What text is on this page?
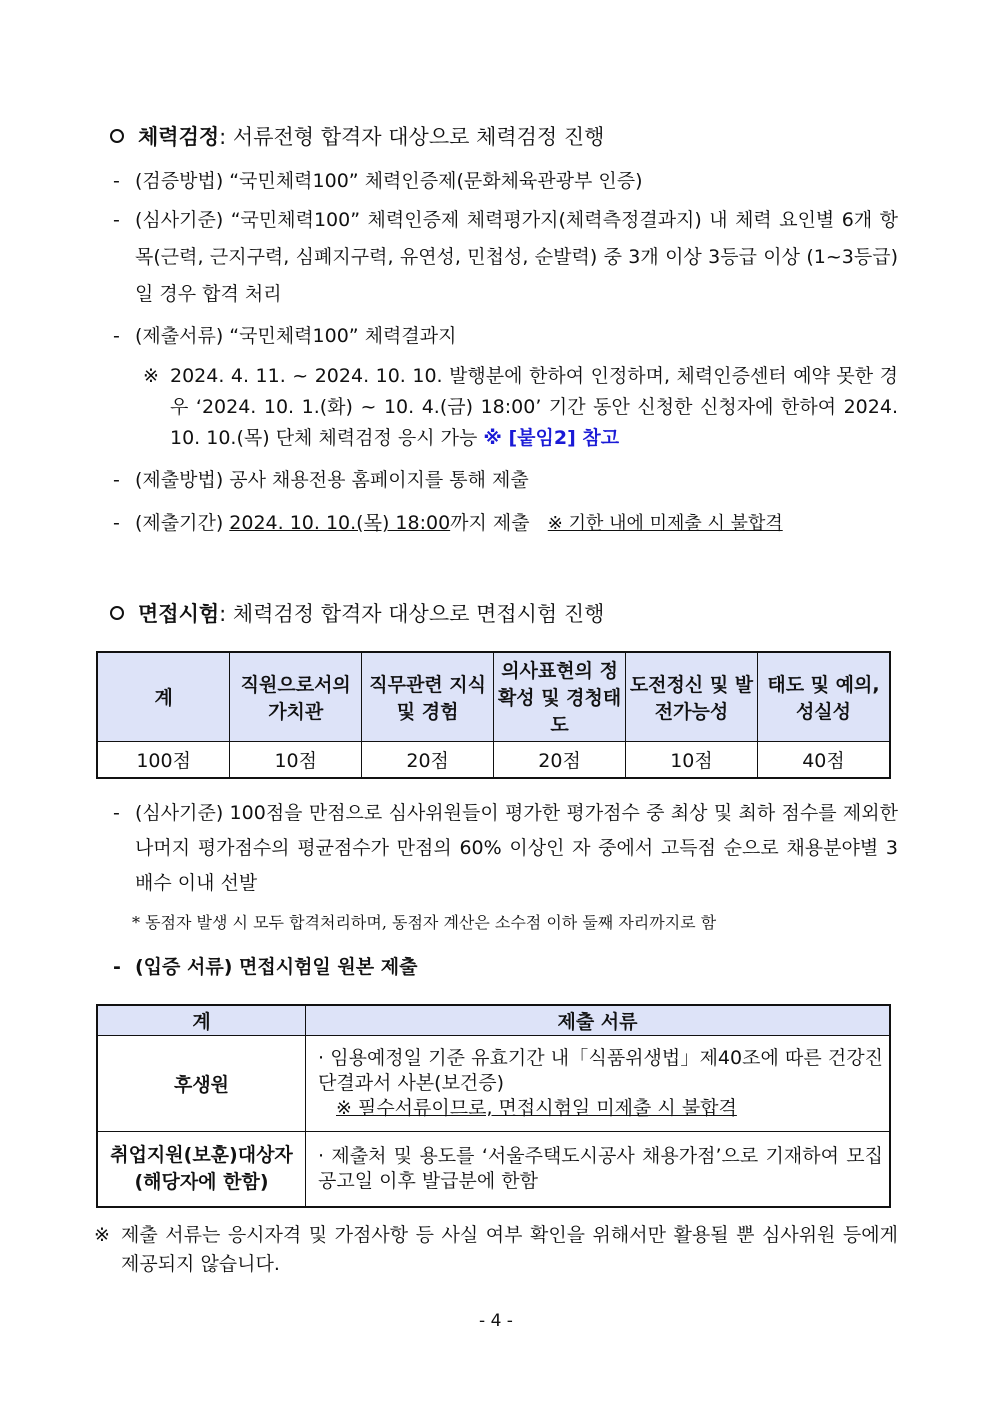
체력검정: 서류전형 합격자 대상으로 체력검정 진행
- (검증방법) “국민체력100” 체력인증제(문화체육관광부 인증)
- (심사기준) “국민체력100” 체력인증제 체력평가지(체력측정결과지) 내 체력 요인별 6개 항목(근력, 근지구력, 심폐지구력, 유연성, 민첩성, 순발력) 중 3개 이상 3등급 이상 (1~3등급)일 경우 합격 처리
- (제출서류) “국민체력100” 체력결과지
※ 2024. 4. 11. ~ 2024. 10. 10. 발행분에 한하여 인정하며, 체력인증센터 예약 못한 경우 ‘2024. 10. 1.(화) ~ 10. 4.(금) 18:00’ 기간 동안 신청한 신청자에 한하여 2024. 10. 10.(목) 단체 체력검정 응시 가능 ※ [붙임2] 참고
- (제출방법) 공사 채용전용 홈페이지를 통해 제출
- (제출기간) 2024. 10. 10.(목) 18:00까지 제출 ※ 기한 내에 미제출 시 불합격
면접시험: 체력검정 합격자 대상으로 면접시험 진행
계	직원으로서의 가치관	직무관련 지식 및 경험	의사표현의 정확성 및 경청태도	도전정신 및 발전가능성	태도 및 예의, 성실성
100점	10점	20점	20점	10점	40점
- (심사기준) 100점을 만점으로 심사위원들이 평가한 평가점수 중 최상 및 최하 점수를 제외한 나머지 평가점수의 평균점수가 만점의 60% 이상인 자 중에서 고득점 순으로 채용분야별 3배수 이내 선발
* 동점자 발생 시 모두 합격처리하며, 동점자 계산은 소수점 이하 둘째 자리까지로 함
- (입증 서류) 면접시험일 원본 제출
계	제출 서류
후생원	· 임용예정일 기준 유효기간 내「식품위생법」제40조에 따른 건강진단결과서 사본(보건증)
※ 필수서류이므로, 면접시험일 미제출 시 불합격

취업지원(보훈)대상자 (해당자에 한함)	· 제출처 및 용도를 ‘서울주택도시공사 채용가점’으로 기재하여 모집공고일 이후 발급분에 한함
※ 제출 서류는 응시자격 및 가점사항 등 사실 여부 확인을 위해서만 활용될 뿐 심사위원 등에게 제공되지 않습니다.
- 4 -
